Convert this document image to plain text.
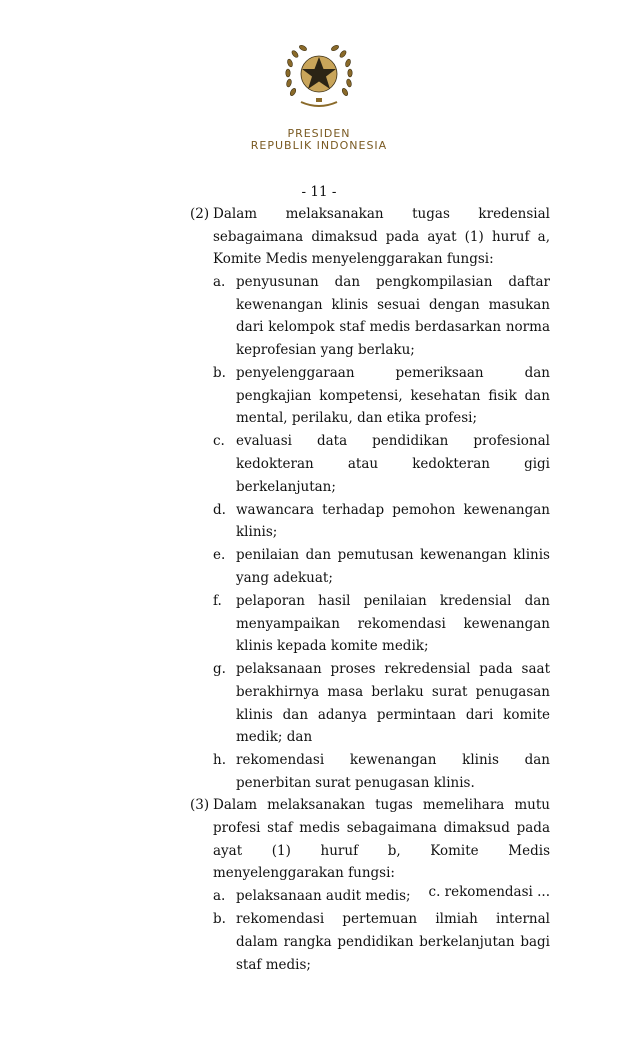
PRESIDEN
REPUBLIK INDONESIA
- 11 -
(2) Dalam melaksanakan tugas kredensial sebagaimana dimaksud pada ayat (1) huruf a, Komite Medis menyelenggarakan fungsi:
a. penyusunan dan pengkompilasian daftar kewenangan klinis sesuai dengan masukan dari kelompok staf medis berdasarkan norma keprofesian yang berlaku;
b. penyelenggaraan pemeriksaan dan pengkajian kompetensi, kesehatan fisik dan mental, perilaku, dan etika profesi;
c. evaluasi data pendidikan profesional kedokteran atau kedokteran gigi berkelanjutan;
d. wawancara terhadap pemohon kewenangan klinis;
e. penilaian dan pemutusan kewenangan klinis yang adekuat;
f. pelaporan hasil penilaian kredensial dan menyampaikan rekomendasi kewenangan klinis kepada komite medik;
g. pelaksanaan proses rekredensial pada saat berakhirnya masa berlaku surat penugasan klinis dan adanya permintaan dari komite medik; dan
h. rekomendasi kewenangan klinis dan penerbitan surat penugasan klinis.
(3) Dalam melaksanakan tugas memelihara mutu profesi staf medis sebagaimana dimaksud pada ayat (1) huruf b, Komite Medis menyelenggarakan fungsi:
a. pelaksanaan audit medis;
b. rekomendasi pertemuan ilmiah internal dalam rangka pendidikan berkelanjutan bagi staf medis;
c. rekomendasi ...
